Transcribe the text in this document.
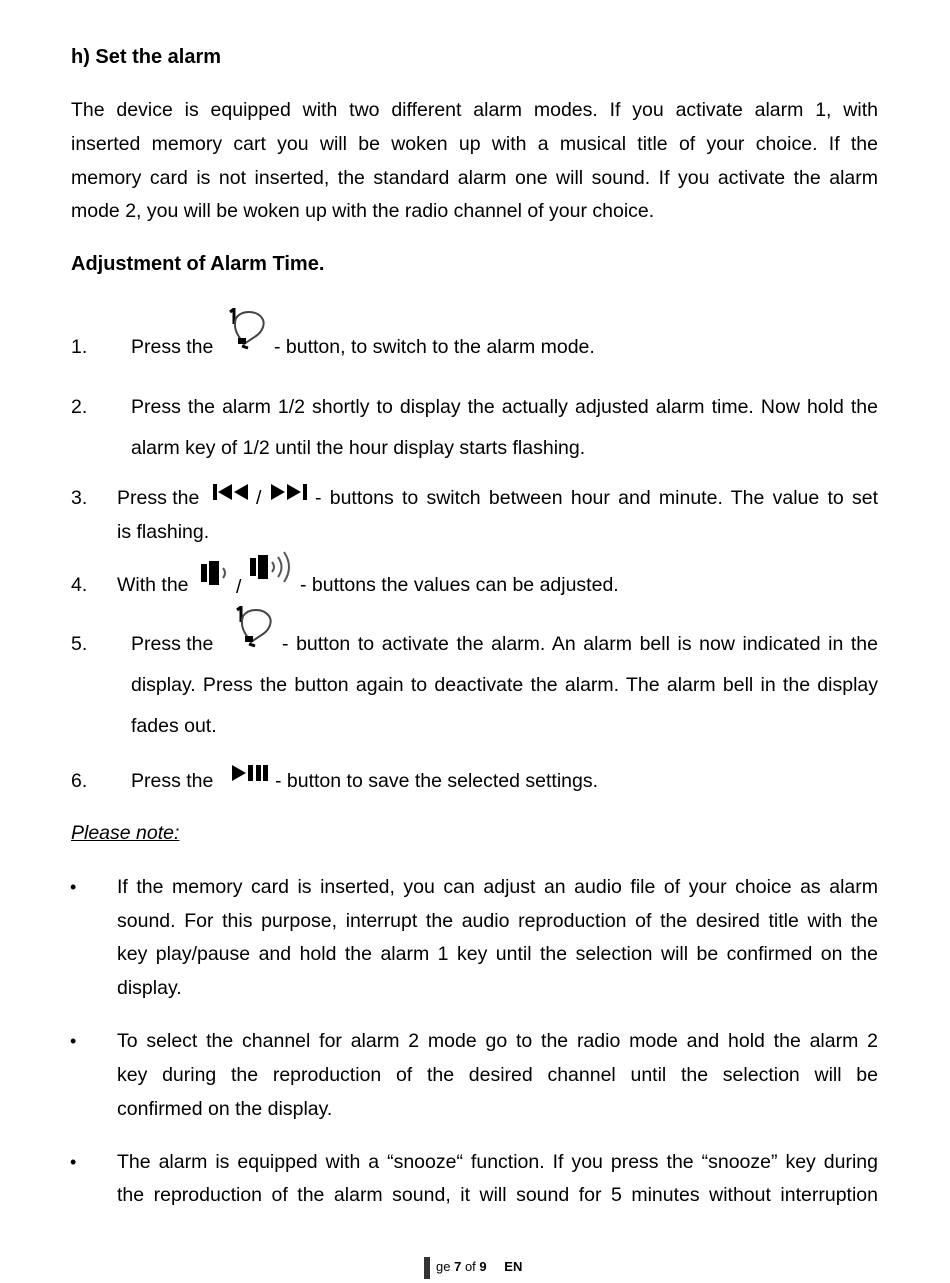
h) Set the alarm
The device is equipped with two different alarm modes. If you activate alarm 1, with
inserted memory cart you will be woken up with a musical title of your choice. If the
memory card is not inserted, the standard alarm one will sound. If you activate the alarm
mode 2, you will be woken up with the radio channel of your choice.
Adjustment of Alarm Time.
1. Press the	- button, to switch to the alarm mode.
2. Press the alarm 1/2 shortly to display the actually adjusted alarm time. Now hold the
alarm key of 1/2 until the hour display starts flashing.
3. Press the	/	- buttons to switch between hour and minute. The value to set
is flashing.
4. With the /	- buttons the values can be adjusted.
5. Press the	- button to activate the alarm. An alarm bell is now indicated in the
display. Press the button again to deactivate the alarm. The alarm bell in the display
fades out.
6. Press the	- button to save the selected settings.
Please note:
• If the memory card is inserted, you can adjust an audio file of your choice as alarm
sound. For this purpose, interrupt the audio reproduction of the desired title with the
key play/pause and hold the alarm 1 key until the selection will be confirmed on the
display.
• To select the channel for alarm 2 mode go to the radio mode and hold the alarm 2
key during the reproduction of the desired channel until the selection will be
confirmed on the display.
• The alarm is equipped with a “snooze“ function. If you press the “snooze” key during
the reproduction of the alarm sound, it will sound for 5 minutes without interruption
ge 7 of 9 EN
